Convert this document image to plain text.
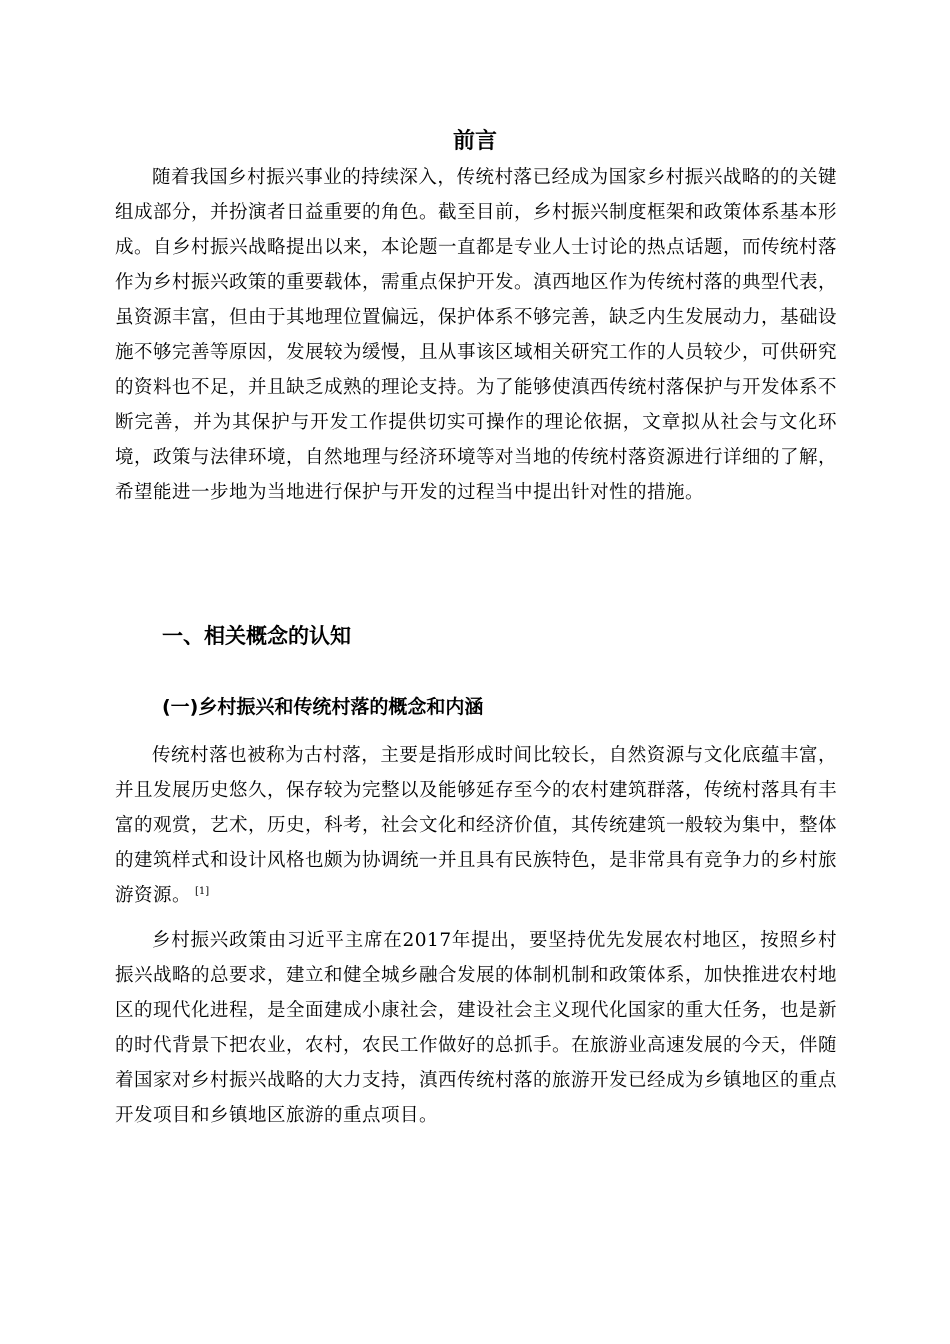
前言

随着我国乡村振兴事业的持续深入，传统村落已经成为国家乡村振兴战略的的关键组成部分，并扮演者日益重要的角色。截至目前，乡村振兴制度框架和政策体系基本形成。自乡村振兴战略提出以来，本论题一直都是专业人士讨论的热点话题，而传统村落作为乡村振兴政策的重要载体，需重点保护开发。滇西地区作为传统村落的典型代表，虽资源丰富，但由于其地理位置偏远，保护体系不够完善，缺乏内生发展动力，基础设施不够完善等原因，发展较为缓慢，且从事该区域相关研究工作的人员较少，可供研究的资料也不足，并且缺乏成熟的理论支持。为了能够使滇西传统村落保护与开发体系不断完善，并为其保护与开发工作提供切实可操作的理论依据，文章拟从社会与文化环境，政策与法律环境，自然地理与经济环境等对当地的传统村落资源进行详细的了解，希望能进一步地为当地进行保护与开发的过程当中提出针对性的措施。

一、相关概念的认知
(一)乡村振兴和传统村落的概念和内涵

传统村落也被称为古村落，主要是指形成时间比较长，自然资源与文化底蕴丰富，并且发展历史悠久，保存较为完整以及能够延存至今的农村建筑群落，传统村落具有丰富的观赏，艺术，历史，科考，社会文化和经济价值，其传统建筑一般较为集中，整体的建筑样式和设计风格也颇为协调统一并且具有民族特色，是非常具有竞争力的乡村旅游资源。 [1]

乡村振兴政策由习近平主席在2017年提出，要坚持优先发展农村地区，按照乡村振兴战略的总要求，建立和健全城乡融合发展的体制机制和政策体系，加快推进农村地区的现代化进程，是全面建成小康社会，建设社会主义现代化国家的重大任务，也是新的时代背景下把农业，农村，农民工作做好的总抓手。在旅游业高速发展的今天，伴随着国家对乡村振兴战略的大力支持，滇西传统村落的旅游开发已经成为乡镇地区的重点开发项目和乡镇地区旅游的重点项目。
